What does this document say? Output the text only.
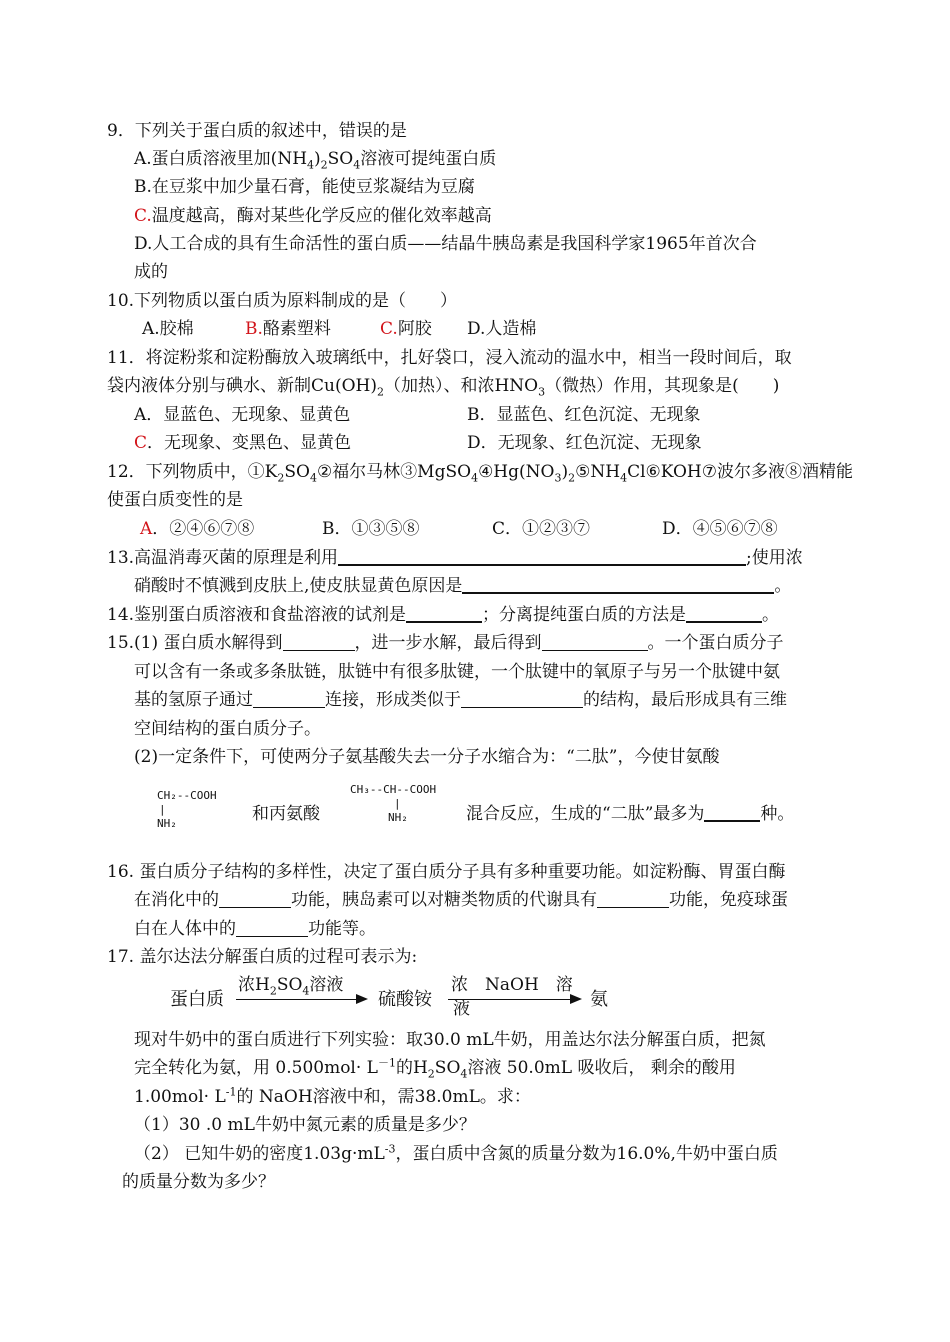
9．下列关于蛋白质的叙述中，错误的是
A.蛋白质溶液里加$(NH_4)_2SO_4$溶液可提纯蛋白质
B.在豆浆中加少量石膏，能使豆浆凝结为豆腐
C.温度越高，酶对某些化学反应的催化效率越高
D.人工合成的具有生命活性的蛋白质——结晶牛胰岛素是我国科学家1965年首次合
成的
10.下列物质以蛋白质为原料制成的是（　　）
A.胶棉	B.酪素塑料	C.阿胶 D.人造棉
11．将淀粉浆和淀粉酶放入玻璃纸中，扎好袋口，浸入流动的温水中，相当一段时间后，取
袋内液体分别与碘水、新制$Cu(OH)_2$（加热）、和浓$HNO_3$（微热）作用，其现象是(　　)
A．显蓝色、无现象、显黄色	B．显蓝色、红色沉淀、无现象
C．无现象、变黑色、显黄色	D．无现象、红色沉淀、无现象
12．下列物质中，$①K_2SO_4②$福尔马林$③MgSO_4④Hg(NO_3)_2⑤NH_4Cl⑥KOH⑦$波尔多液⑧酒精能
使蛋白质变性的是
A．②④⑥⑦⑧	B．①③⑤⑧	C．①②③⑦	D．④⑤⑥⑦⑧
13.高温消毒灭菌的原理是利用	;使用浓
硝酸时不慎溅到皮肤上,使皮肤显黄色原因是	。
14.鉴别蛋白质溶液和食盐溶液的试剂是	；分离提纯蛋白质的方法是	。
15.(1) 蛋白质水解得到	，进一步水解，最后得到	。一个蛋白质分子
可以含有一条或多条肽链，肽链中有很多肽键，一个肽键中的氧原子与另一个肽键中氨
基的氢原子通过	连接，形成类似于	的结构，最后形成具有三维
空间结构的蛋白质分子。
(2)一定条件下，可使两分子氨基酸失去一分子水缩合为：“二肽”，今使甘氨酸
CH₂--COOH
|
NH₂	和丙氨酸
CH₃--CH--COOH
|
NH₂	混合反应，生成的“二肽”最多为	种。
16. 蛋白质分子结构的多样性，决定了蛋白质分子具有多种重要功能。如淀粉酶、胃蛋白酶
在消化中的	功能，胰岛素可以对糖类物质的代谢具有	功能，免疫球蛋
白在人体中的	功能等。
17. 盖尔达法分解蛋白质的过程可表示为:
蛋白质
浓$H_2SO_4$溶液
硫酸铵
浓　NaOH　溶
液	氨
现对牛奶中的蛋白质进行下列实验：取30.0 mL牛奶，用盖达尔法分解蛋白质，把氮
完全转化为氨，用 $0.500mol\cdot L^{-1}$的$H_2SO_4$溶液 50.0mL 吸收后， 剩余的酸用
$1.00mol\cdot L^{-1}$的 NaOH溶液中和，需38.0mL。求：
（1）30 .0 mL牛奶中氮元素的质量是多少？
（2） 已知牛奶的密度$1.03g\cdot mL^{-3}$，蛋白质中含氮的质量分数为16.0%,牛奶中蛋白质
的质量分数为多少？
